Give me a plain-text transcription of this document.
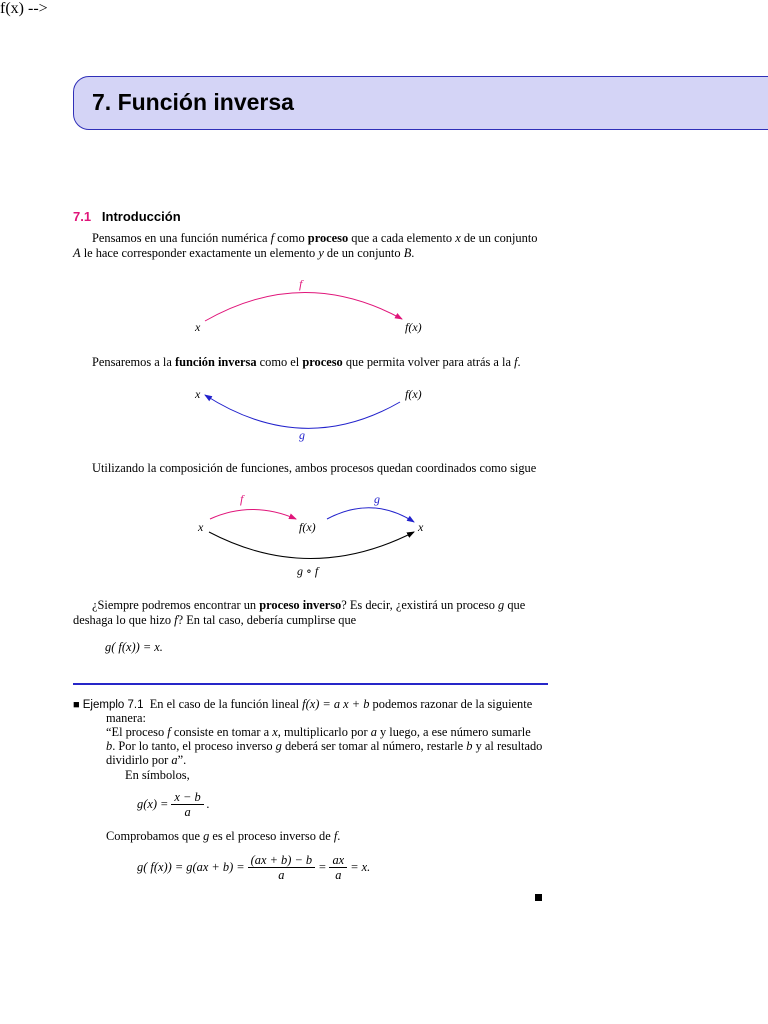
7. Función inversa
7.1 Introducción
Pensamos en una función numérica f como proceso que a cada elemento x de un conjunto
A le hace corresponder exactamente un elemento y de un conjunto B.
f(x) -->
f
x	f(x)
Pensaremos a la función inversa como el proceso que permita volver para atrás a la f.
x	f(x)
g
Utilizando la composición de funciones, ambos procesos quedan coordinados como sigue
f	g
x	f(x)	x
g ∘ f
¿Siempre podremos encontrar un proceso inverso? Es decir, ¿existirá un proceso g que
deshaga lo que hizo f? En tal caso, debería cumplirse que
g( f(x)) = x.
■ Ejemplo 7.1 En el caso de la función lineal f(x) = a x + b podemos razonar de la siguiente
manera:
“El proceso f consiste en tomar a x, multiplicarlo por a y luego, a ese número sumarle
b. Por lo tanto, el proceso inverso g deberá ser tomar al número, restarle b y al resultado
dividirlo por a”.
En símbolos,
$g(x) = \frac{x - b}{a}$ .
Comprobamos que g es el proceso inverso de f.
g( $f(x)) = g(ax + b) = \frac{(ax + b) - b}{a} = \frac{ax}{a} = x$.
